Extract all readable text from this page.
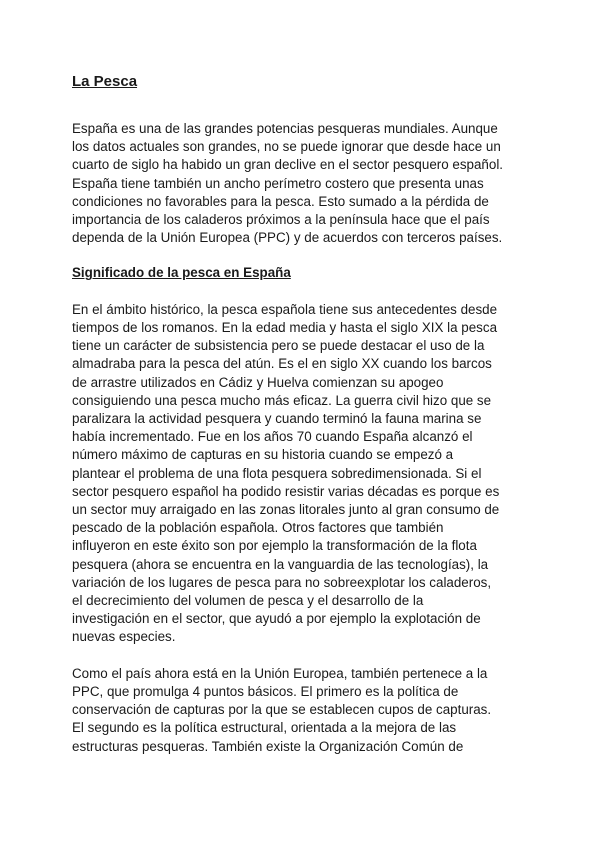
La Pesca

España es una de las grandes potencias pesqueras mundiales. Aunque
los datos actuales son grandes, no se puede ignorar que desde hace un
cuarto de siglo ha habido un gran declive en el sector pesquero español.
España tiene también un ancho perímetro costero que presenta unas
condiciones no favorables para la pesca. Esto sumado a la pérdida de
importancia de los caladeros próximos a la península hace que el país
dependa de la Unión Europea (PPC) y de acuerdos con terceros países.

Significado de la pesca en España

En el ámbito histórico, la pesca española tiene sus antecedentes desde
tiempos de los romanos. En la edad media y hasta el siglo XIX la pesca
tiene un carácter de subsistencia pero se puede destacar el uso de la
almadraba para la pesca del atún. Es el en siglo XX cuando los barcos
de arrastre utilizados en Cádiz y Huelva comienzan su apogeo
consiguiendo una pesca mucho más eficaz. La guerra civil hizo que se
paralizara la actividad pesquera y cuando terminó la fauna marina se
había incrementado. Fue en los años 70 cuando España alcanzó el
número máximo de capturas en su historia cuando se empezó a
plantear el problema de una flota pesquera sobredimensionada. Si el
sector pesquero español ha podido resistir varias décadas es porque es
un sector muy arraigado en las zonas litorales junto al gran consumo de
pescado de la población española. Otros factores que también
influyeron en este éxito son por ejemplo la transformación de la flota
pesquera (ahora se encuentra en la vanguardia de las tecnologías), la
variación de los lugares de pesca para no sobreexplotar los caladeros,
el decrecimiento del volumen de pesca y el desarrollo de la
investigación en el sector, que ayudó a por ejemplo la explotación de
nuevas especies.

Como el país ahora está en la Unión Europea, también pertenece a la
PPC, que promulga 4 puntos básicos. El primero es la política de
conservación de capturas por la que se establecen cupos de capturas.
El segundo es la política estructural, orientada a la mejora de las
estructuras pesqueras. También existe la Organización Común de
